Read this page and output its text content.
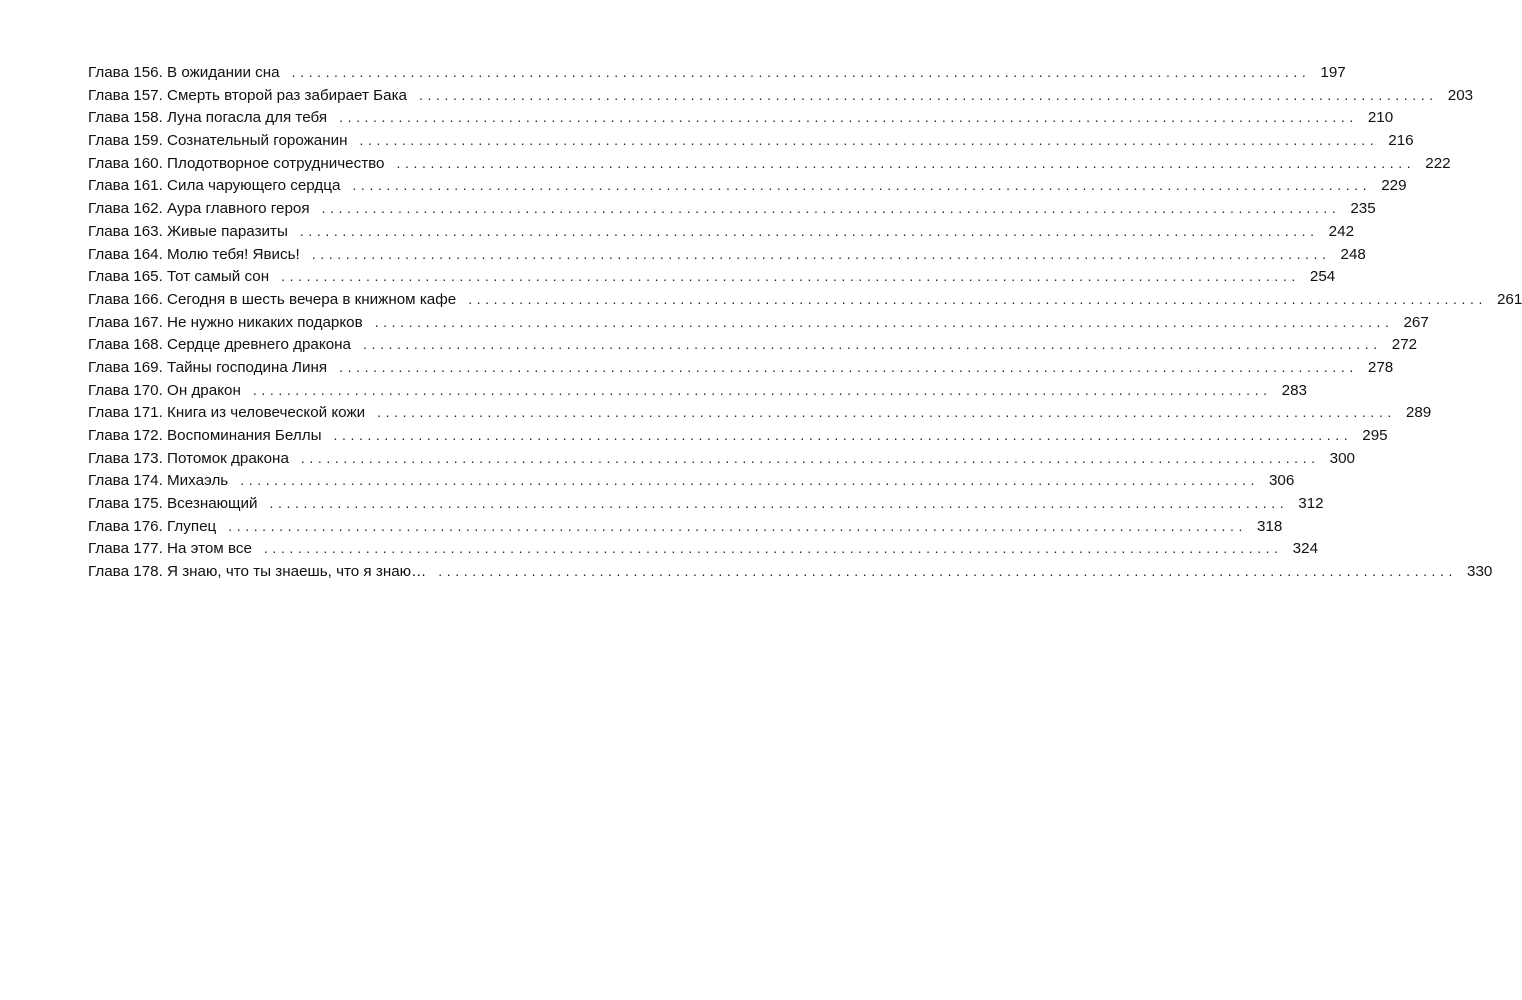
Глава 156. В ожидании сна ........................................................................................................................ 197
Глава 157. Смерть второй раз забирает Бака ........................................................................................................................ 203
Глава 158. Луна погасла для тебя ........................................................................................................................ 210
Глава 159. Сознательный горожанин ........................................................................................................................ 216
Глава 160. Плодотворное сотрудничество ........................................................................................................................ 222
Глава 161. Сила чарующего сердца ........................................................................................................................ 229
Глава 162. Аура главного героя ........................................................................................................................ 235
Глава 163. Живые паразиты ........................................................................................................................ 242
Глава 164. Молю тебя! Явись! ........................................................................................................................ 248
Глава 165. Тот самый сон ........................................................................................................................ 254
Глава 166. Сегодня в шесть вечера в книжном кафе ........................................................................................................................ 261
Глава 167. Не нужно никаких подарков ........................................................................................................................ 267
Глава 168. Сердце древнего дракона ........................................................................................................................ 272
Глава 169. Тайны господина Линя ........................................................................................................................ 278
Глава 170. Он дракон ........................................................................................................................ 283
Глава 171. Книга из человеческой кожи ........................................................................................................................ 289
Глава 172. Воспоминания Беллы ........................................................................................................................ 295
Глава 173. Потомок дракона ........................................................................................................................ 300
Глава 174. Михаэль ........................................................................................................................ 306
Глава 175. Всезнающий ........................................................................................................................ 312
Глава 176. Глупец ........................................................................................................................ 318
Глава 177. На этом все ........................................................................................................................ 324
Глава 178. Я знаю, что ты знаешь, что я знаю… ........................................................................................................................ 330
